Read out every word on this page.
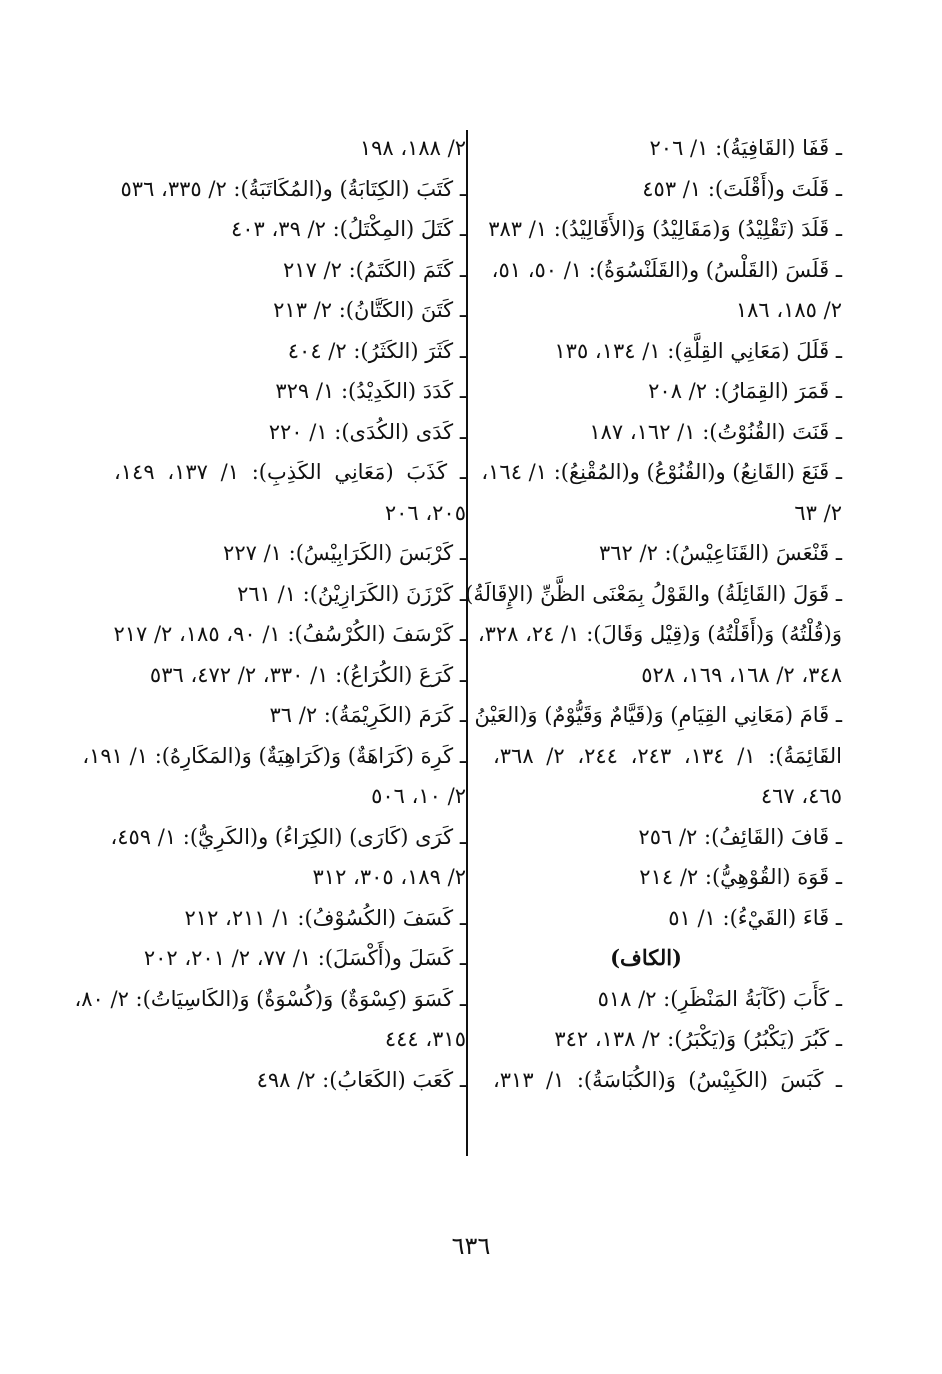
ـ قَفَا (القَافِيَةُ): ١/ ٢٠٦
ـ قَلَتَ و(أَقْلَتَ): ١/ ٤٥٣
ـ قَلَدَ (تَقْلِيْدُ) وَ(مَقَالِيْدُ) وَ(الأَقَالِيْدُ): ١/ ٣٨٣
ـ قَلَسَ (القَلْسُ) و(القَلَنْسُوَةُ): ١/ ٥٠، ٥١،
٢/ ١٨٥، ١٨٦
ـ قَلَلَ (مَعَانِي القِلَّةِ): ١/ ١٣٤، ١٣٥
ـ قَمَرَ (القِمَارُ): ٢/ ٢٠٨
ـ قَنَتَ (القُنُوْتُ): ١/ ١٦٢، ١٨٧
ـ قَنَعَ (القَانِعُ) و(القُنُوْعُ) و(المُقْنِعُ): ١/ ١٦٤،
٢/ ٦٣
ـ قَنْعَسَ (القَنَاعِيْسُ): ٢/ ٣٦٢
ـ قَوَلَ (القَائِلَةُ) والقَوْلُ بِمَعْنَى الظَّنِّ (الإِقَالَةُ)
وَ(قُلْتُهُ) وَ(أَقَلْتُهُ) وَ(قِيْل وَقَالَ): ١/ ٢٤، ٣٢٨،
٣٤٨، ٢/ ١٦٨، ١٦٩، ٥٢٨
ـ قَامَ (مَعَانِي القِيَامِ) وَ(قَيَّامٌ وَقَيُّوْمٌ) وَ(العَيْنُ
القَائِمَةُ): ١/ ١٣٤، ٢٤٣، ٢٤٤، ٢/ ٣٦٨،
٤٦٥، ٤٦٧
ـ قَافَ (القَائِفُ): ٢/ ٢٥٦
ـ قَوَهَ (القُوْهِيُّ): ٢/ ٢١٤
ـ قَاءَ (القَيْءُ): ١/ ٥١
(الكاف)
ـ كَأَبَ (كَآبَةُ المَنْظَرِ): ٢/ ٥١٨
ـ كَبُرَ (يَكْبُرُ) وَ(يَكْبَرُ): ٢/ ١٣٨، ٣٤٢
ـ كَبَسَ (الكَبِيْسُ) وَ(الكُبَاسَةُ): ١/ ٣١٣،
٢/ ١٨٨، ١٩٨
ـ كَتَبَ (الكِتَابَةُ) و(المُكَاتَبَةُ): ٢/ ٣٣٥، ٥٣٦
ـ كَتَلَ (المِكْتَلُ): ٢/ ٣٩، ٤٠٣
ـ كَتَمَ (الكَتَمُ): ٢/ ٢١٧
ـ كَتَنَ (الكَتَّانُ): ٢/ ٢١٣
ـ كَثَرَ (الكَثَرُ): ٢/ ٤٠٤
ـ كَدَدَ (الكَدِيْدُ): ١/ ٣٢٩
ـ كَدَى (الكُدَى): ١/ ٢٢٠
ـ كَذَبَ (مَعَانِي الكَذِبِ): ١/ ١٣٧، ١٤٩،
٢٠٥، ٢٠٦
ـ كَرْبَسَ (الكَرَابِيْسُ): ١/ ٢٢٧
ـ كَرْزَنَ (الكَرَازِيْنُ): ١/ ٢٦١
ـ كَرْسَفَ (الكُرْسُفُ): ١/ ٩٠، ١٨٥، ٢/ ٢١٧
ـ كَرَعَ (الكُرَاعُ): ١/ ٣٣٠، ٢/ ٤٧٢، ٥٣٦
ـ كَرَمَ (الكَرِيْمَةُ): ٢/ ٣٦
ـ كَرِهَ (كَرَاهَةٌ) وَ(كَرَاهِيَةٌ) وَ(المَكَارِهُ): ١/ ١٩١،
٢/ ١٠، ٥٠٦
ـ كَرَى (كَارَى) (الكِرَاءُ) و(الكَرِيُّ): ١/ ٤٥٩،
٢/ ١٨٩، ٣٠٥، ٣١٢
ـ كَسَفَ (الكُسُوْفُ): ١/ ٢١١، ٢١٢
ـ كَسَلَ و(أَكْسَلَ): ١/ ٧٧، ٢/ ٢٠١، ٢٠٢
ـ كَسَوَ (كِسْوَةٌ) وَ(كُسْوَةٌ) وَ(الكَاسِيَاتُ): ٢/ ٨٠،
٣١٥، ٤٤٤
ـ كَعَبَ (الكَعَابُ): ٢/ ٤٩٨
٦٣٦
